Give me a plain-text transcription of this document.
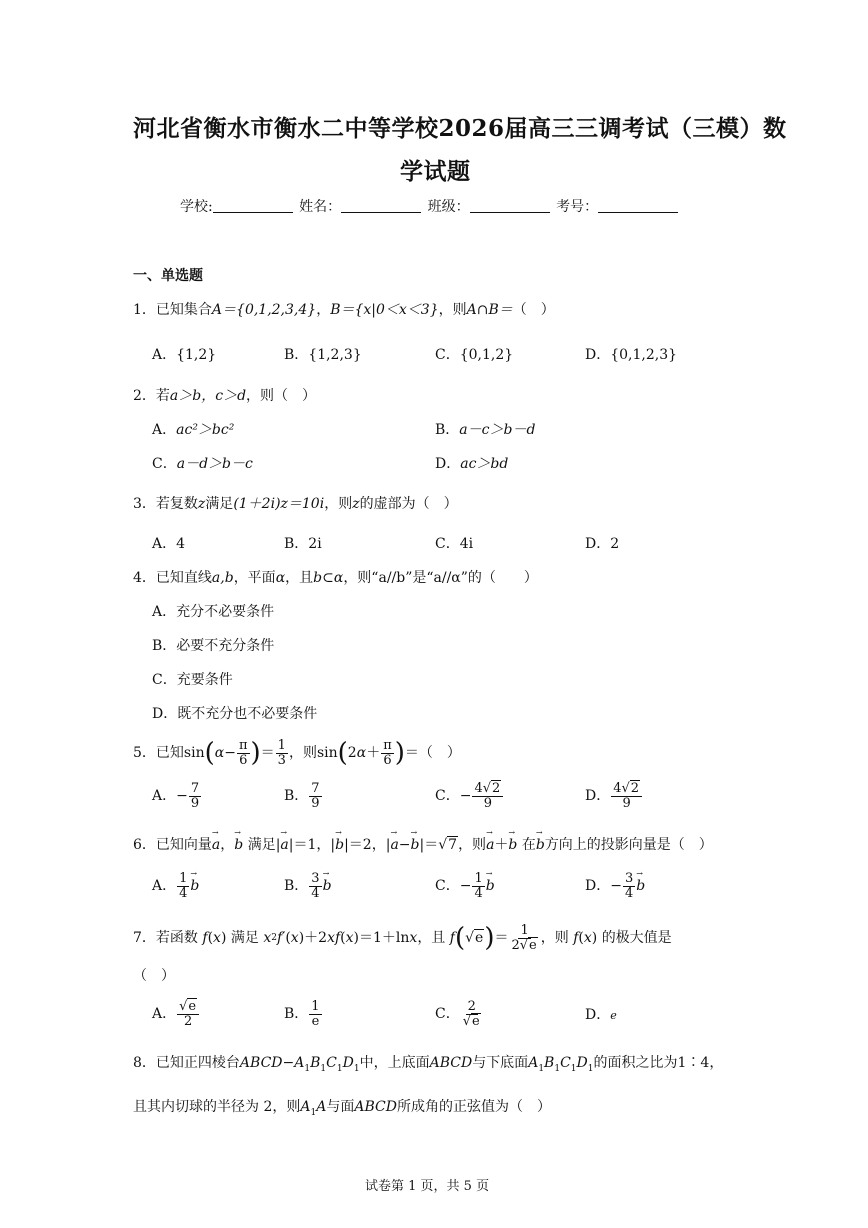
河北省衡水市衡水二中等学校2026届高三三调考试（三模）数
学试题
学校:	姓名：	班级：	考号：
一、单选题
1．已知集合A＝{0,1,2,3,4}，B＝{x|0＜x＜3}，则A∩B＝（　）
A．{1,2}	B．{1,2,3}	C．{0,1,2}	D．{0,1,2,3}
2．若a＞b，c＞d，则（　）
A．ac²＞bc²	B．a－c＞b－d
C．a－d＞b－c	D．ac＞bd
3．若复数z满足(1＋2i)z＝10i，则z的虚部为（　）
A．4	B．2i	C．4i	D．2
4．已知直线a,b，平面α，且b⊂α，则“a//b”是“a//α”的（　　）
A．充分不必要条件
B．必要不充分条件
C．充要条件
D．既不充分也不必要条件
5．已知 $\sin(\alpha- \frac{\pi}{6}$ )＝ $\frac{1}{3}$ ，则 $\sin(2\alpha+ \frac{\pi}{6}$ ) ＝（　）
A． − $\frac{7}{9}$	B． $\frac{7}{9}$	C． − $\frac{4√2}{9}$	D． $\frac{4√2}{9}$
6．已知向量→ a，→ b 满足|→ a|＝1，|→ b|＝2，|→ a−→ b|＝√7，则→ a＋→ b 在→ b方向上的投影向量是（　）
A． $\frac{1}{4}$
→ b	B． $\frac{3}{4}$
→ b	C． − $\frac{1}{4}$
→ b	D． − $\frac{3}{4}$
→ b
7．若函数
f ( x ) 满足
x 2 f′ ( x )＋2 xf ( x )＝1＋ln x ，且
f ( √ e ) ＝ $\frac{1}{2√e}$ ，则
f ( x ) 的极大值是
（　）
A． $\frac{√e}{2}$	B． $\frac{1}{e}$	C． $\frac{2}{√e}$	D．e
8．已知正四棱台$ABCD-A_1B_1C_1D_1$中，上底面ABCD与下底面$A_1B_1C_1D_1$的面积之比为1∶4，
且其内切球的半径为 2，则$A_1A$与面ABCD所成角的正弦值为（　）
试卷第 1 页，共 5 页
